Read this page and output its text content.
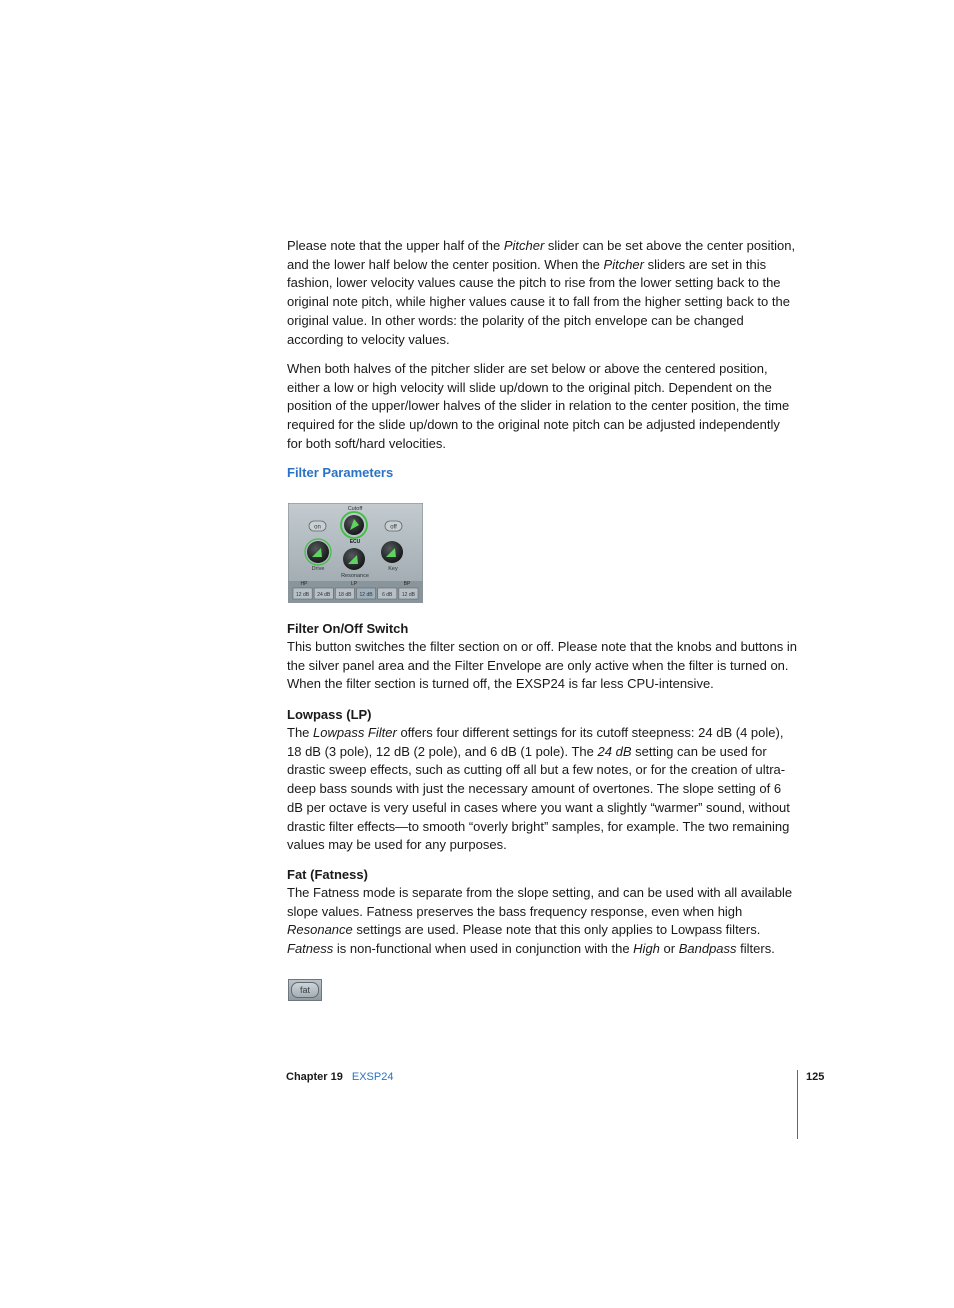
Please note that the upper half of the Pitcher slider can be set above the center position, and the lower half below the center position. When the Pitcher sliders are set in this fashion, lower velocity values cause the pitch to rise from the lower setting back to the original note pitch, while higher values cause it to fall from the higher setting back to the original value. In other words: the polarity of the pitch envelope can be changed according to velocity values.

When both halves of the pitcher slider are set below or above the centered position, either a low or high velocity will slide up/down to the original pitch. Dependent on the position of the upper/lower halves of the slider in relation to the center position, the time required for the slide up/down to the original note pitch can be adjusted independently for both soft/hard velocities.

Filter Parameters
on	off
Cutoff
ECU
Drive
Resonance
Key
HP	LP	BP
12 dB 24 dB 18 dB 12 dB 6 dB 12 dB
Filter On/Off Switch

This button switches the filter section on or off. Please note that the knobs and buttons in the silver panel area and the Filter Envelope are only active when the filter is turned on. When the filter section is turned off, the EXSP24 is far less CPU-intensive.

Lowpass (LP)

The Lowpass Filter offers four different settings for its cutoff steepness: 24 dB (4 pole), 18 dB (3 pole), 12 dB (2 pole), and 6 dB (1 pole). The 24 dB setting can be used for drastic sweep effects, such as cutting off all but a few notes, or for the creation of ultra-deep bass sounds with just the necessary amount of overtones. The slope setting of 6 dB per octave is very useful in cases where you want a slightly “warmer” sound, without drastic filter effects—to smooth “overly bright” samples, for example. The two remaining values may be used for any purposes.

Fat (Fatness)

The Fatness mode is separate from the slope setting, and can be used with all available slope values. Fatness preserves the bass frequency response, even when high Resonance settings are used. Please note that this only applies to Lowpass filters. Fatness is non-functional when used in conjunction with the High or Bandpass filters.

fat
Chapter 19 EXSP24	125
